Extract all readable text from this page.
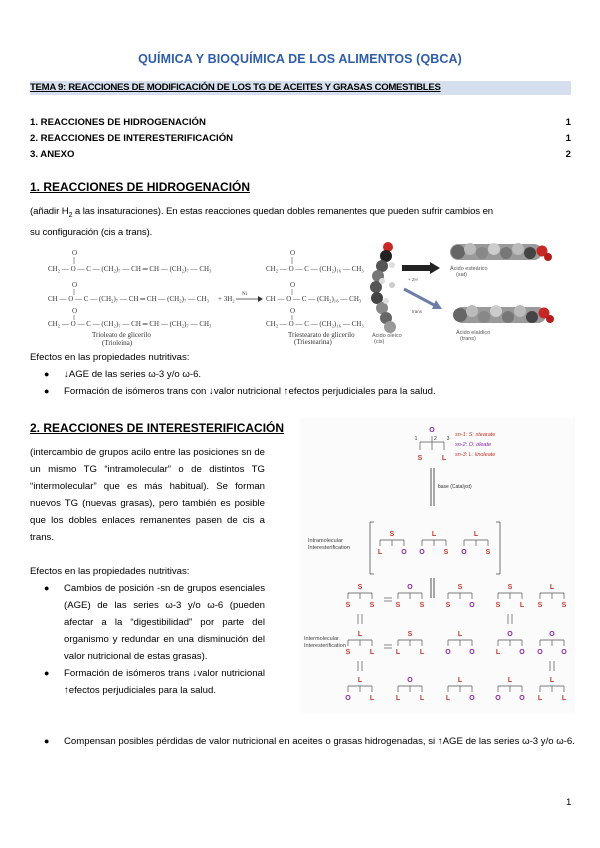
QUÍMICA Y BIOQUÍMICA DE LOS ALIMENTOS (QBCA)
TEMA 9: REACCIONES DE MODIFICACIÓN DE LOS TG DE ACEITES Y GRASAS COMESTIBLES
1. REACCIONES DE HIDROGENACIÓN	1
2. REACCIONES DE INTERESTERIFICACIÓN	1
3. ANEXO	2
1. REACCIONES DE HIDROGENACIÓN
(añadir $H_2$ a las insaturaciones). En estas reacciones quedan dobles remanentes que pueden sufrir cambios en
su configuración (cis a trans).
O
CH₂ — O — C — (CH₂)₇ — CH ═ CH — (CH₂)₇ — CH₃
O
CH — O — C — (CH₂)₇ — CH ═ CH — (CH₂)₇ — CH₃
O
CH₂ — O — C — (CH₂)₇ — CH ═ CH — (CH₂)₇ — CH₃
Trioleato de glicerilo
(Trioleína)
+ 3H₂
Ni
O
CH₂ — O — C — (CH₂)₁₆ — CH₃
O
CH — O — C — (CH₂)₁₆ — CH₃
O
CH₂ — O — C — (CH₂)₁₆ — CH₃
Triestearato de glicerilo
(Triestearina)
Ácido oleico
(cis)
+ 2H
trans
Ácido esteárico
(sat)
Ácido elaídico
(trans)
Efectos en las propiedades nutritivas:
● ↓AGE de las series ω-3 y/o ω-6.
● Formación de isómeros trans con ↓valor nutricional ↑efectos perjudiciales para la salud.
2. REACCIONES DE INTERESTERIFICACIÓN
(intercambio de grupos acilo entre las posiciones sn de un mismo TG “intramolecular” o de distintos TG “intermolecular” que es más habitual). Se forman nuevos TG (nuevas grasas), pero también es posible que los dobles enlaces remanentes pasen de cis a trans.
Efectos en las propiedades nutritivas:
● Cambios de posición -sn de grupos esenciales (AGE) de las series ω-3 y/o ω-6 (pueden afectar a la “digestibilidad” por parte del organismo y redundar en una disminución del valor nutricional de estas grasas).
● Formación de isómeros trans ↓valor nutricional ↑efectos perjudiciales para la salud.
● Compensan posibles pérdidas de valor nutricional en aceites o grasas hidrogenadas, si ↑AGE de las series ω-3 y/o ω-6.
O
1	2 3
S	L
sn-1: S: stearate
sn-2: O: oleate
sn-3: L: linoleate
base (Catalyst)
Intramolecular
Interesterification
S
L	O
L
O	S
L
O	S
Intermolecular
Interesterification
S
S	S
O
S	S
S
S	O
S
S	L
L
S	S
L
S	L
S
L	L
L
O	O
O
L	O
O
O	O
L
O	L
O
L	L
L
L	O
L
O	O
L
L	L
1
